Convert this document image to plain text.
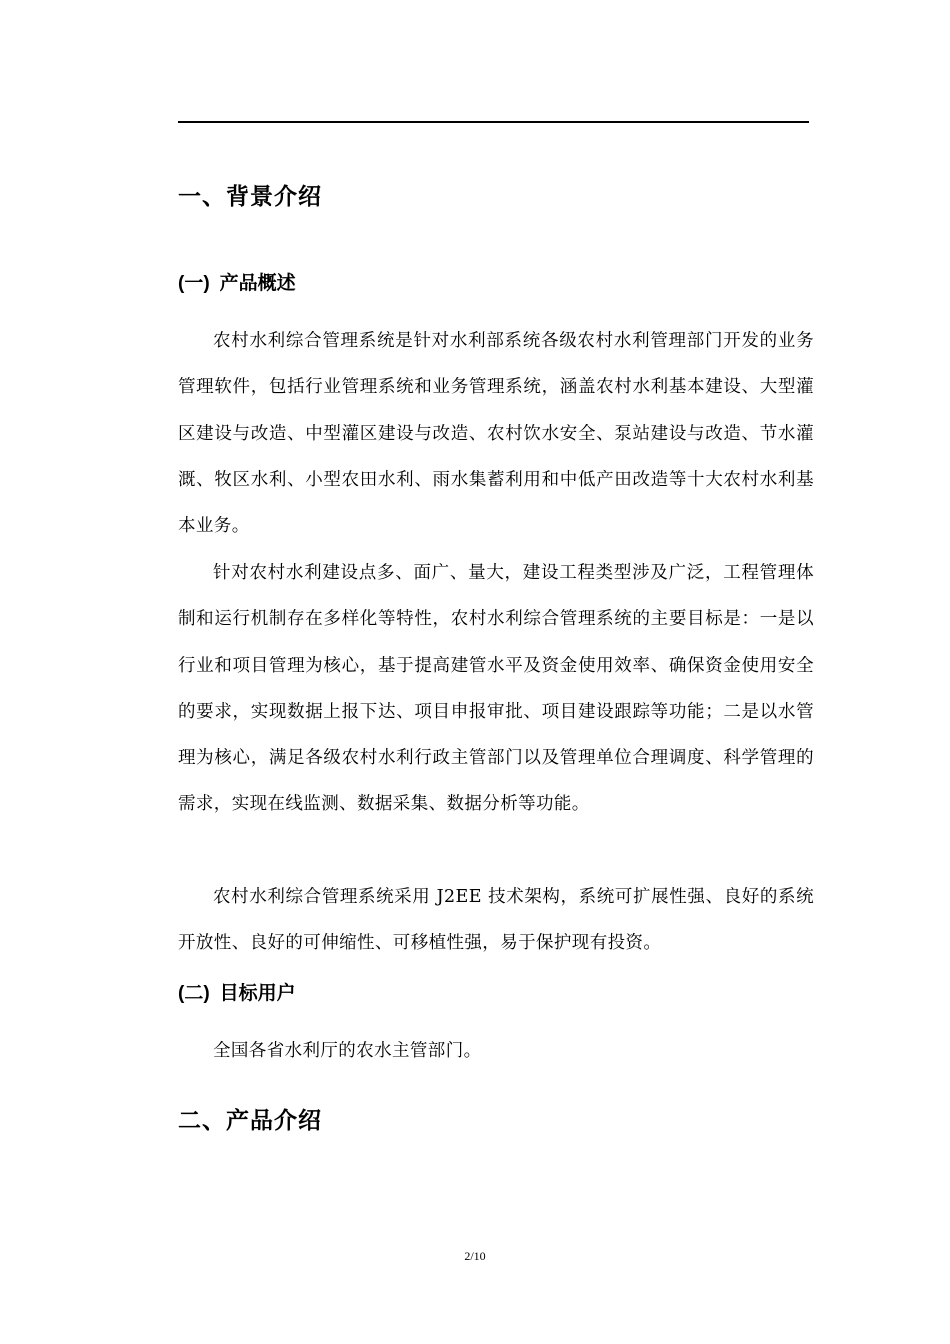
一、背景介绍
(一) 产品概述
农村水利综合管理系统是针对水利部系统各级农村水利管理部门开发的业务管理软件，包括行业管理系统和业务管理系统，涵盖农村水利基本建设、大型灌区建设与改造、中型灌区建设与改造、农村饮水安全、泵站建设与改造、节水灌溉、牧区水利、小型农田水利、雨水集蓄利用和中低产田改造等十大农村水利基本业务。
针对农村水利建设点多、面广、量大，建设工程类型涉及广泛，工程管理体制和运行机制存在多样化等特性，农村水利综合管理系统的主要目标是：一是以行业和项目管理为核心，基于提高建管水平及资金使用效率、确保资金使用安全的要求，实现数据上报下达、项目申报审批、项目建设跟踪等功能；二是以水管理为核心，满足各级农村水利行政主管部门以及管理单位合理调度、科学管理的需求，实现在线监测、数据采集、数据分析等功能。
农村水利综合管理系统采用 J2EE 技术架构，系统可扩展性强、良好的系统开放性、良好的可伸缩性、可移植性强，易于保护现有投资。
(二) 目标用户
全国各省水利厅的农水主管部门。
二、产品介绍
2/10
